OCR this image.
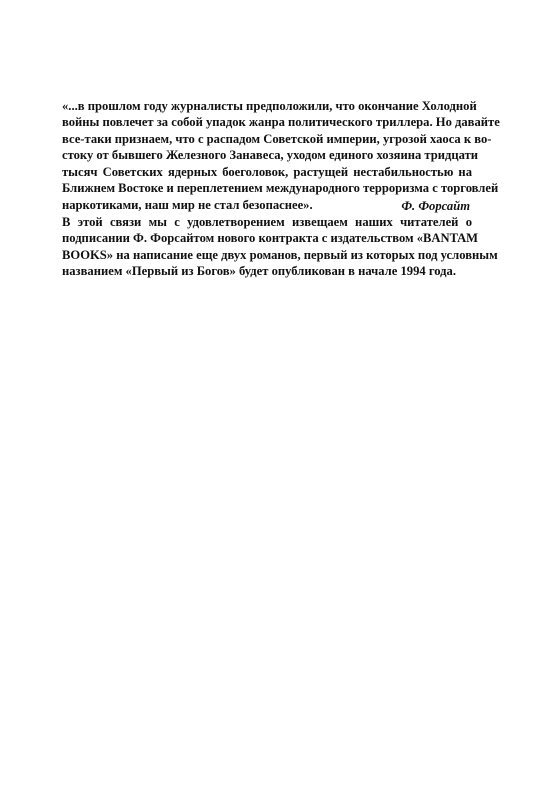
«...в прошлом году журналисты предположили, что окончание Холодной
войны повлечет за собой упадок жанра политического триллера. Но давайте
все-таки признаем, что с распадом Советской империи, угрозой хаоса к во-
стоку от бывшего Железного Занавеса, уходом единого хозяина тридцати
тысяч Советских ядерных боеголовок, растущей нестабильностью на
Ближнем Востоке и переплетением международного терроризма с торговлей
наркотиками, наш мир не стал безопаснее».	Ф. Форсайт
В этой связи мы с удовлетворением извещаем наших читателей о
подписании Ф. Форсайтом нового контракта с издательством «BANTAM
BOOKS» на написание еще двух романов, первый из которых под условным
названием «Первый из Богов» будет опубликован в начале 1994 года.
